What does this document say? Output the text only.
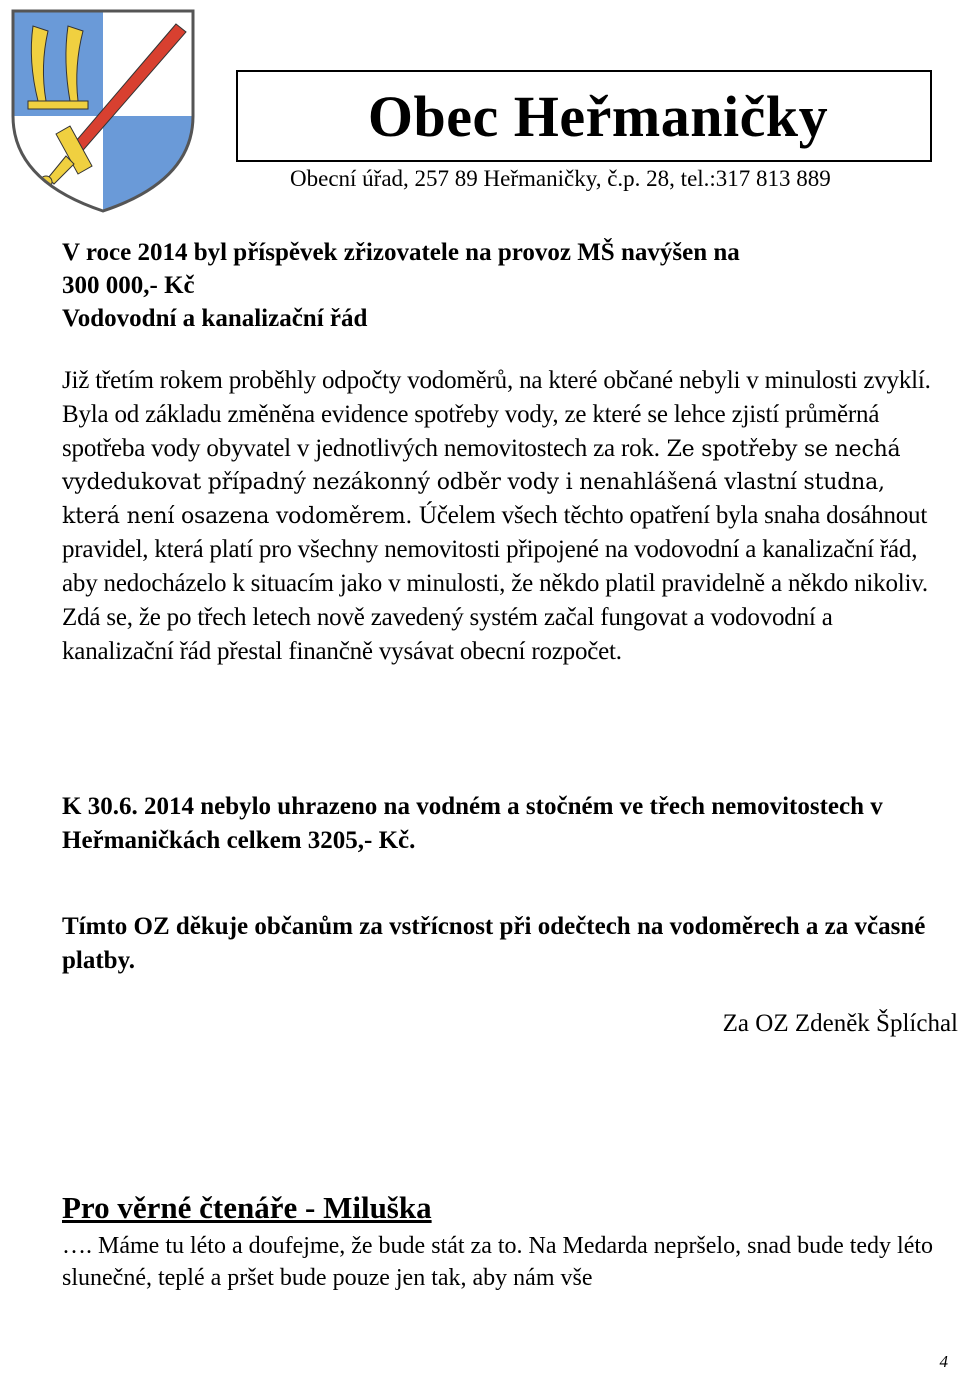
Obec Heřmaničky
Obecní úřad, 257 89 Heřmaničky, č.p. 28, tel.:317 813 889
V roce 2014 byl příspěvek zřizovatele na provoz MŠ navýšen na
300 000,- Kč
Vodovodní a kanalizační řád

Již třetím rokem proběhly odpočty vodoměrů, na které občané nebyli v minulosti zvyklí. Byla od základu změněna evidence spotřeby vody, ze které se lehce zjistí průměrná spotřeba vody obyvatel v jednotlivých nemovitostech za rok. Ze spotřeby se nechá vydedukovat případný nezákonný odběr vody i nenahlášená vlastní studna, která není osazena vodoměrem. Účelem všech těchto opatření byla snaha dosáhnout pravidel, která platí pro všechny nemovitosti připojené na vodovodní a kanalizační řád, aby nedocházelo k situacím jako v minulosti, že někdo platil pravidelně a někdo nikoliv. Zdá se, že po třech letech nově zavedený systém začal fungovat a vodovodní a kanalizační řád přestal finančně vysávat obecní rozpočet.

K 30.6. 2014 nebylo uhrazeno na vodném a stočném ve třech nemovitostech v Heřmaničkách celkem 3205,- Kč.

Tímto OZ děkuje občanům za vstřícnost při odečtech na vodoměrech a za včasné platby.

Za OZ Zdeněk Šplíchal
Pro věrné čtenáře - Miluška

…. Máme tu léto a doufejme, že bude stát za to. Na Medarda nepršelo, snad bude tedy léto slunečné, teplé a pršet bude pouze jen tak, aby nám vše

4
